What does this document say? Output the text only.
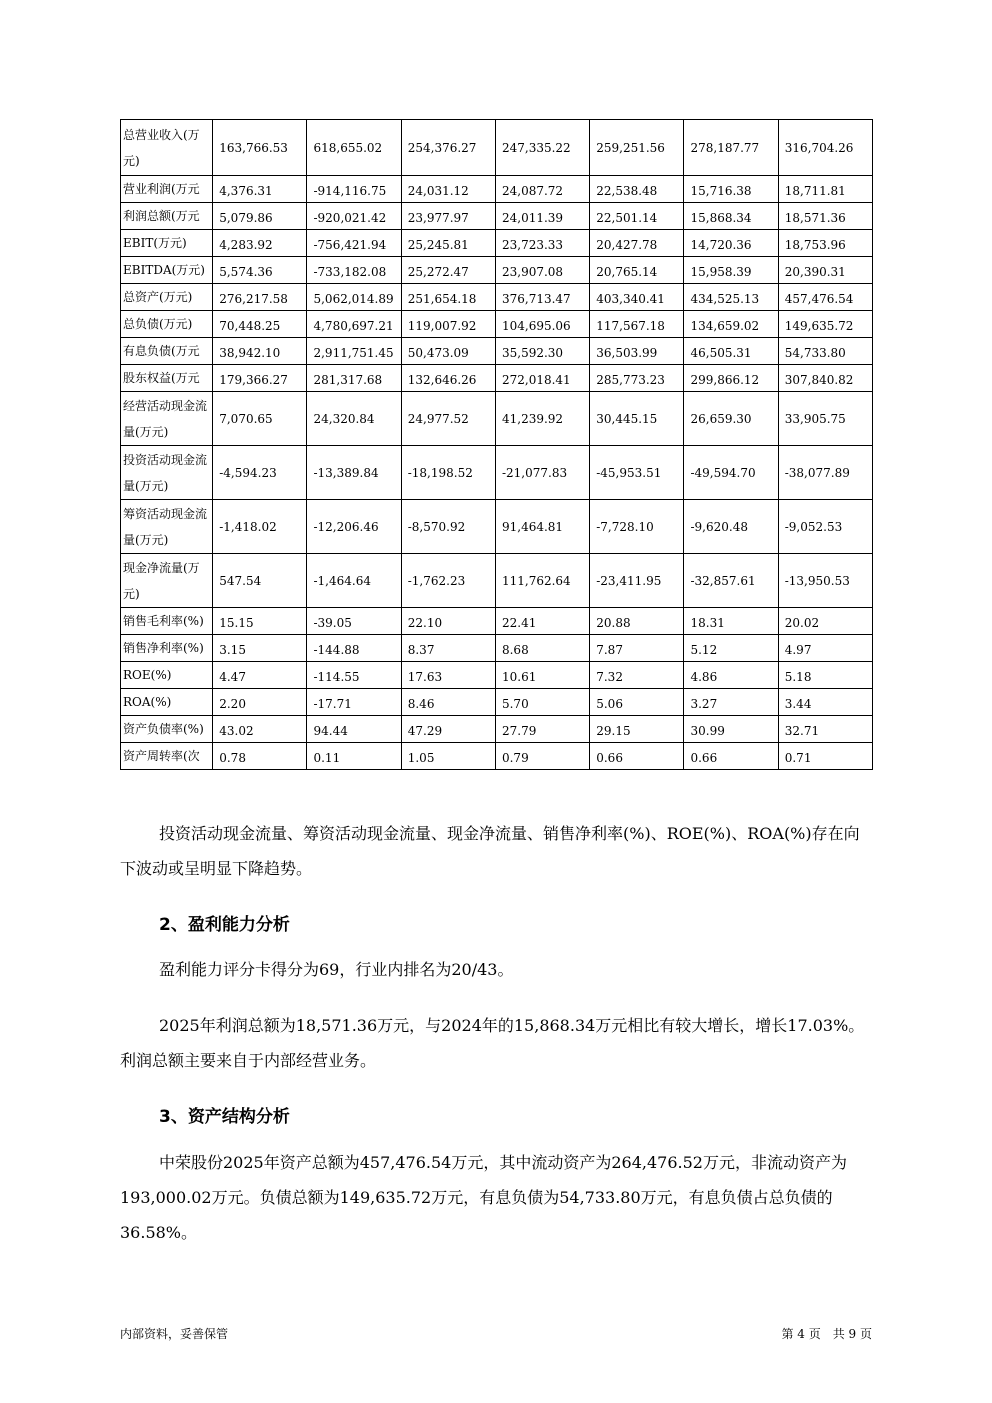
总营业收入(万元)	163,766.53	618,655.02	254,376.27	247,335.22	259,251.56	278,187.77	316,704.26
营业利润(万元	4,376.31	-914,116.75	24,031.12	24,087.72	22,538.48	15,716.38	18,711.81
利润总额(万元	5,079.86	-920,021.42	23,977.97	24,011.39	22,501.14	15,868.34	18,571.36
EBIT(万元)	4,283.92	-756,421.94	25,245.81	23,723.33	20,427.78	14,720.36	18,753.96
EBITDA(万元)	5,574.36	-733,182.08	25,272.47	23,907.08	20,765.14	15,958.39	20,390.31
总资产(万元)	276,217.58	5,062,014.89	251,654.18	376,713.47	403,340.41	434,525.13	457,476.54
总负债(万元)	70,448.25	4,780,697.21	119,007.92	104,695.06	117,567.18	134,659.02	149,635.72
有息负债(万元	38,942.10	2,911,751.45	50,473.09	35,592.30	36,503.99	46,505.31	54,733.80
股东权益(万元	179,366.27	281,317.68	132,646.26	272,018.41	285,773.23	299,866.12	307,840.82
经营活动现金流量(万元)	7,070.65	24,320.84	24,977.52	41,239.92	30,445.15	26,659.30	33,905.75
投资活动现金流量(万元)	-4,594.23	-13,389.84	-18,198.52	-21,077.83	-45,953.51	-49,594.70	-38,077.89
筹资活动现金流量(万元)	-1,418.02	-12,206.46	-8,570.92	91,464.81	-7,728.10	-9,620.48	-9,052.53
现金净流量(万元)	547.54	-1,464.64	-1,762.23	111,762.64	-23,411.95	-32,857.61	-13,950.53
销售毛利率(%)	15.15	-39.05	22.10	22.41	20.88	18.31	20.02
销售净利率(%)	3.15	-144.88	8.37	8.68	7.87	5.12	4.97
ROE(%)	4.47	-114.55	17.63	10.61	7.32	4.86	5.18
ROA(%)	2.20	-17.71	8.46	5.70	5.06	3.27	3.44
资产负债率(%)	43.02	94.44	47.29	27.79	29.15	30.99	32.71
资产周转率(次	0.78	0.11	1.05	0.79	0.66	0.66	0.71
投资活动现金流量、筹资活动现金流量、现金净流量、销售净利率(%)、ROE(%)、ROA(%)存在向下波动或呈明显下降趋势。
2、盈利能力分析
盈利能力评分卡得分为69，行业内排名为20/43。
2025年利润总额为18,571.36万元，与2024年的15,868.34万元相比有较大增长，增长17.03%。利润总额主要来自于内部经营业务。
3、资产结构分析
中荣股份2025年资产总额为457,476.54万元，其中流动资产为264,476.52万元，非流动资产为193,000.02万元。负债总额为149,635.72万元，有息负债为54,733.80万元，有息负债占总负债的36.58%。
内部资料，妥善保管	第 4 页　共 9 页
